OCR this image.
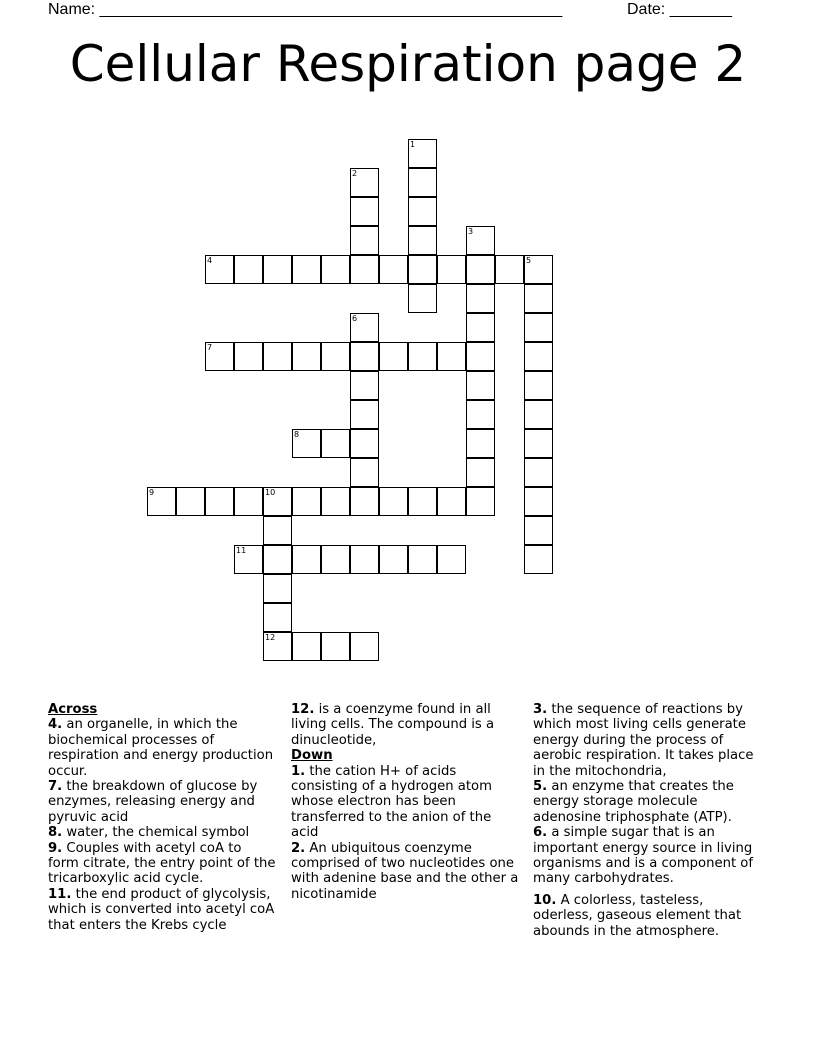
Name: ____________________________________________________	Date: _______
Cellular Respiration page 2
1
2
3
4	5
6
7
8
9	10
12
11
Across

4. an organelle, in which the biochemical processes of respiration and energy production occur.

7. the breakdown of glucose by enzymes, releasing energy and pyruvic acid

8. water, the chemical symbol

9. Couples with acetyl coA to form citrate, the entry point of the tricarboxylic acid cycle.

11. the end product of glycolysis, which is converted into acetyl coA that enters the Krebs cycle

12. is a coenzyme found in all living cells. The compound is a dinucleotide,

Down

1. the cation H+ of acids consisting of a hydrogen atom whose electron has been transferred to the anion of the acid

2. An ubiquitous coenzyme comprised of two nucleotides one with adenine base and the other a nicotinamide

3. the sequence of reactions by which most living cells generate energy during the process of aerobic respiration. It takes place in the mitochondria,

5. an enzyme that creates the energy storage molecule adenosine triphosphate (ATP).

6. a simple sugar that is an important energy source in living organisms and is a component of many carbohydrates.

10. A colorless, tasteless, oderless, gaseous element that abounds in the atmosphere.
